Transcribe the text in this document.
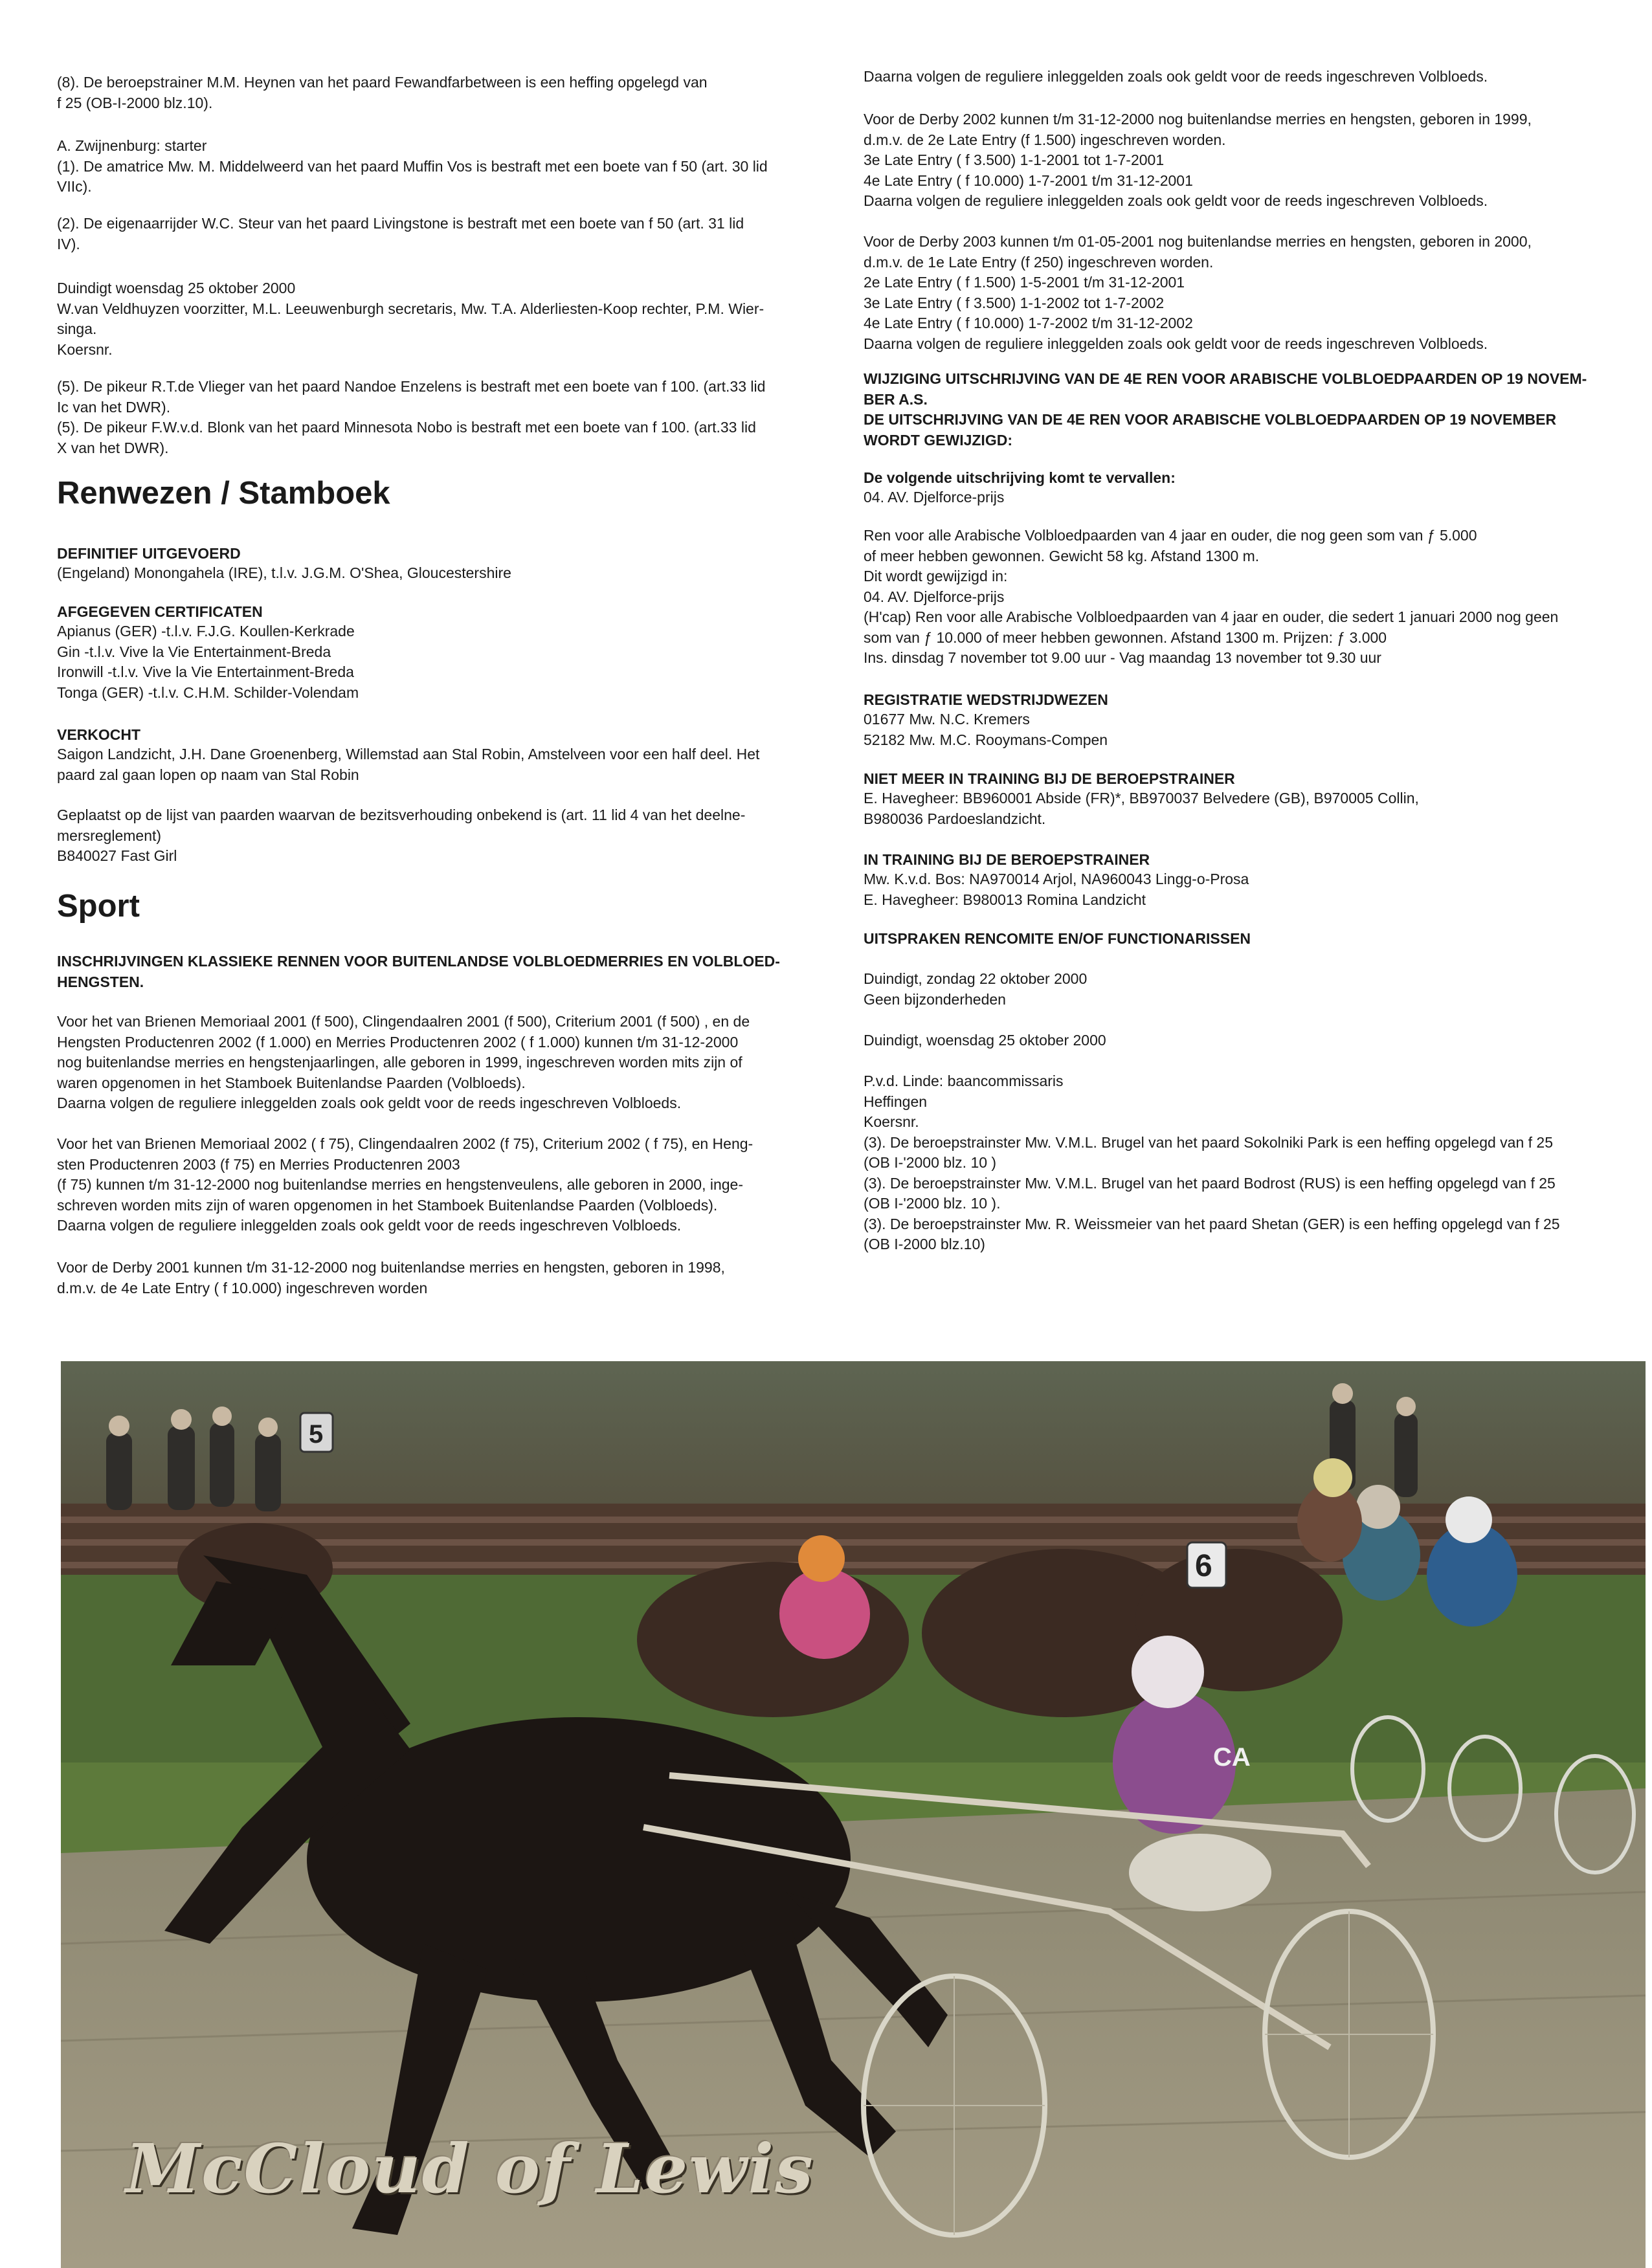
(8). De beroepstrainer M.M. Heynen van het paard Fewandfarbetween is een heffing opgelegd van
f 25 (OB-I-2000 blz.10).
A. Zwijnenburg: starter
(1). De amatrice Mw. M. Middelweerd van het paard Muffin Vos is bestraft met een boete van f 50 (art. 30 lid
VIIc).
(2). De eigenaarrijder W.C. Steur van het paard Livingstone is bestraft met een boete van f 50 (art. 31 lid
IV).
Duindigt woensdag 25 oktober 2000
W.van Veldhuyzen voorzitter, M.L. Leeuwenburgh secretaris, Mw. T.A. Alderliesten-Koop rechter, P.M. Wier-
singa.
Koersnr.
(5). De pikeur R.T.de Vlieger van het paard Nandoe Enzelens is bestraft met een boete van f 100. (art.33 lid
Ic van het DWR).
(5). De pikeur F.W.v.d. Blonk van het paard Minnesota Nobo is bestraft met een boete van f 100. (art.33 lid
X van het DWR).
Renwezen / Stamboek
DEFINITIEF UITGEVOERD
(Engeland) Monongahela (IRE), t.l.v. J.G.M. O'Shea, Gloucestershire
AFGEGEVEN CERTIFICATEN
Apianus (GER) -t.l.v. F.J.G. Koullen-Kerkrade
Gin -t.l.v. Vive la Vie Entertainment-Breda
Ironwill -t.l.v. Vive la Vie Entertainment-Breda
Tonga (GER) -t.l.v. C.H.M. Schilder-Volendam
VERKOCHT
Saigon Landzicht, J.H. Dane Groenenberg, Willemstad aan Stal Robin, Amstelveen voor een half deel. Het
paard zal gaan lopen op naam van Stal Robin
Geplaatst op de lijst van paarden waarvan de bezitsverhouding onbekend is (art. 11 lid 4 van het deelne-
mersreglement)
B840027 Fast Girl
Sport
INSCHRIJVINGEN KLASSIEKE RENNEN VOOR BUITENLANDSE VOLBLOEDMERRIES EN VOLBLOED-
HENGSTEN.
Voor het van Brienen Memoriaal 2001 (f 500), Clingendaalren 2001 (f 500), Criterium 2001 (f 500) , en de
Hengsten Productenren 2002 (f 1.000) en Merries Productenren 2002 ( f 1.000) kunnen t/m 31-12-2000
nog buitenlandse merries en hengstenjaarlingen, alle geboren in 1999, ingeschreven worden mits zijn of
waren opgenomen in het Stamboek Buitenlandse Paarden (Volbloeds).
Daarna volgen de reguliere inleggelden zoals ook geldt voor de reeds ingeschreven Volbloeds.
Voor het van Brienen Memoriaal 2002 ( f 75), Clingendaalren 2002 (f 75), Criterium 2002 ( f 75), en Heng-
sten Productenren 2003 (f 75) en Merries Productenren 2003
(f 75) kunnen t/m 31-12-2000 nog buitenlandse merries en hengstenveulens, alle geboren in 2000, inge-
schreven worden mits zijn of waren opgenomen in het Stamboek Buitenlandse Paarden (Volbloeds).
Daarna volgen de reguliere inleggelden zoals ook geldt voor de reeds ingeschreven Volbloeds.
Voor de Derby 2001 kunnen t/m 31-12-2000 nog buitenlandse merries en hengsten, geboren in 1998,
d.m.v. de 4e Late Entry ( f 10.000) ingeschreven worden
Daarna volgen de reguliere inleggelden zoals ook geldt voor de reeds ingeschreven Volbloeds.
Voor de Derby 2002 kunnen t/m 31-12-2000 nog buitenlandse merries en hengsten, geboren in 1999,
d.m.v. de 2e Late Entry (f 1.500) ingeschreven worden.
3e Late Entry ( f 3.500) 1-1-2001 tot 1-7-2001
4e Late Entry ( f 10.000) 1-7-2001 t/m 31-12-2001
Daarna volgen de reguliere inleggelden zoals ook geldt voor de reeds ingeschreven Volbloeds.
Voor de Derby 2003 kunnen t/m 01-05-2001 nog buitenlandse merries en hengsten, geboren in 2000,
d.m.v. de 1e Late Entry (f 250) ingeschreven worden.
2e Late Entry ( f 1.500) 1-5-2001 t/m 31-12-2001
3e Late Entry ( f 3.500) 1-1-2002 tot 1-7-2002
4e Late Entry ( f 10.000) 1-7-2002 t/m 31-12-2002
Daarna volgen de reguliere inleggelden zoals ook geldt voor de reeds ingeschreven Volbloeds.
WIJZIGING UITSCHRIJVING VAN DE 4E REN VOOR ARABISCHE VOLBLOEDPAARDEN OP 19 NOVEM-
BER A.S.
DE UITSCHRIJVING VAN DE 4E REN VOOR ARABISCHE VOLBLOEDPAARDEN OP 19 NOVEMBER
WORDT GEWIJZIGD:
De volgende uitschrijving komt te vervallen:
04. AV. Djelforce-prijs
Ren voor alle Arabische Volbloedpaarden van 4 jaar en ouder, die nog geen som van ƒ 5.000
of meer hebben gewonnen. Gewicht 58 kg. Afstand 1300 m.
Dit wordt gewijzigd in:
04. AV. Djelforce-prijs
(H'cap) Ren voor alle Arabische Volbloedpaarden van 4 jaar en ouder, die sedert 1 januari 2000 nog geen
som van ƒ 10.000 of meer hebben gewonnen. Afstand 1300 m. Prijzen: ƒ 3.000
Ins. dinsdag 7 november tot 9.00 uur - Vag maandag 13 november tot 9.30 uur
REGISTRATIE WEDSTRIJDWEZEN
01677 Mw. N.C. Kremers
52182 Mw. M.C. Rooymans-Compen
NIET MEER IN TRAINING BIJ DE BEROEPSTRAINER
E. Havegheer: BB960001 Abside (FR)*, BB970037 Belvedere (GB), B970005 Collin,
B980036 Pardoeslandzicht.
IN TRAINING BIJ DE BEROEPSTRAINER
Mw. K.v.d. Bos: NA970014 Arjol, NA960043 Lingg-o-Prosa
E. Havegheer: B980013 Romina Landzicht
UITSPRAKEN RENCOMITE EN/OF FUNCTIONARISSEN
Duindigt, zondag 22 oktober 2000
Geen bijzonderheden
Duindigt, woensdag 25 oktober 2000
P.v.d. Linde: baancommissaris
Heffingen
Koersnr.
(3). De beroepstrainster Mw. V.M.L. Brugel van het paard Sokolniki Park is een heffing opgelegd van f 25
(OB I-'2000 blz. 10 )
(3). De beroepstrainster Mw. V.M.L. Brugel van het paard Bodrost (RUS) is een heffing opgelegd van f 25
(OB I-'2000 blz. 10 ).
(3). De beroepstrainster Mw. R. Weissmeier van het paard Shetan (GER) is een heffing opgelegd van f 25
(OB I-2000 blz.10)
5
6
CA
McCloud of Lewis
